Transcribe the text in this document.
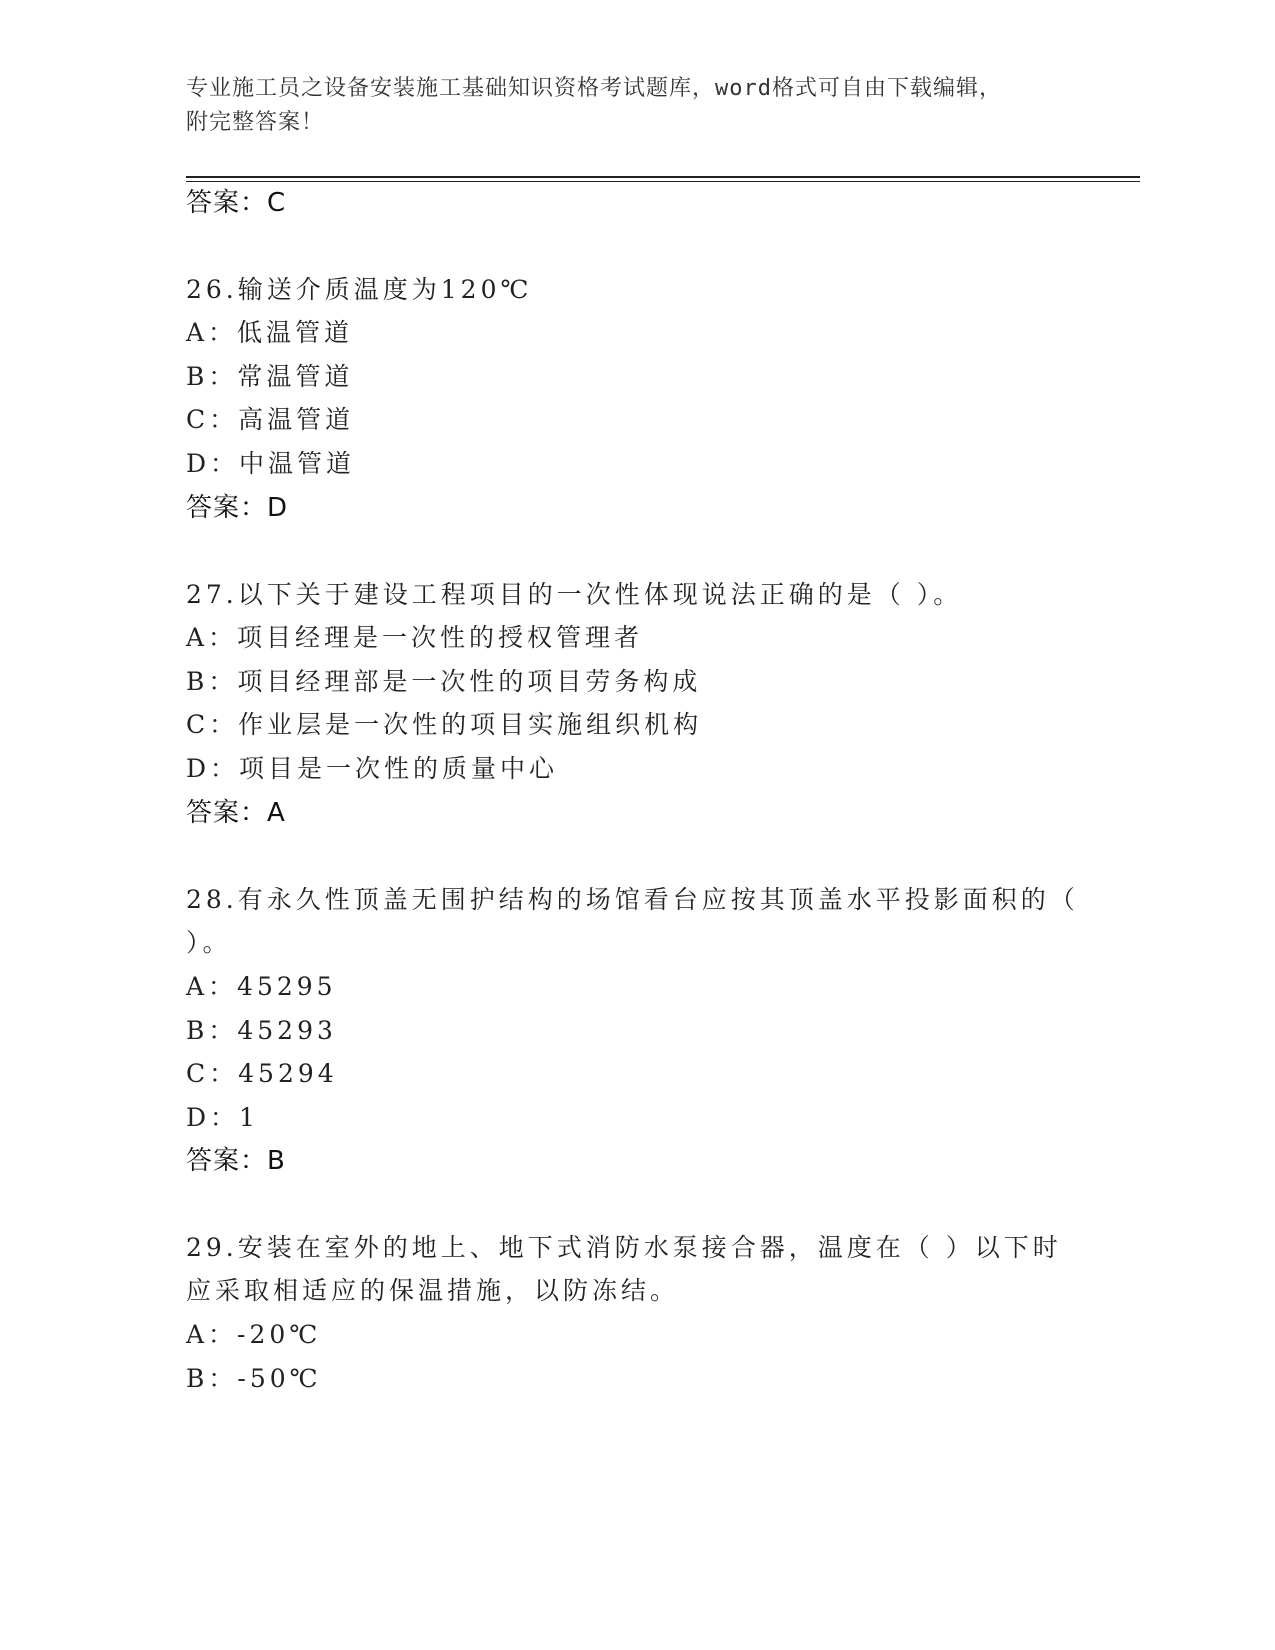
专业施工员之设备安装施工基础知识资格考试题库，word格式可自由下载编辑，
附完整答案！
答案：C
26.输送介质温度为120℃
A：低温管道
B：常温管道
C：高温管道
D：中温管道
答案：D
27.以下关于建设工程项目的一次性体现说法正确的是（ ）。
A：项目经理是一次性的授权管理者
B：项目经理部是一次性的项目劳务构成
C：作业层是一次性的项目实施组织机构
D：项目是一次性的质量中心
答案：A
28.有永久性顶盖无围护结构的场馆看台应按其顶盖水平投影面积的（
）。
A：45295
B：45293
C：45294
D：1
答案：B
29.安装在室外的地上、地下式消防水泵接合器，温度在（ ）以下时
应采取相适应的保温措施，以防冻结。
A：-20℃
B：-50℃
